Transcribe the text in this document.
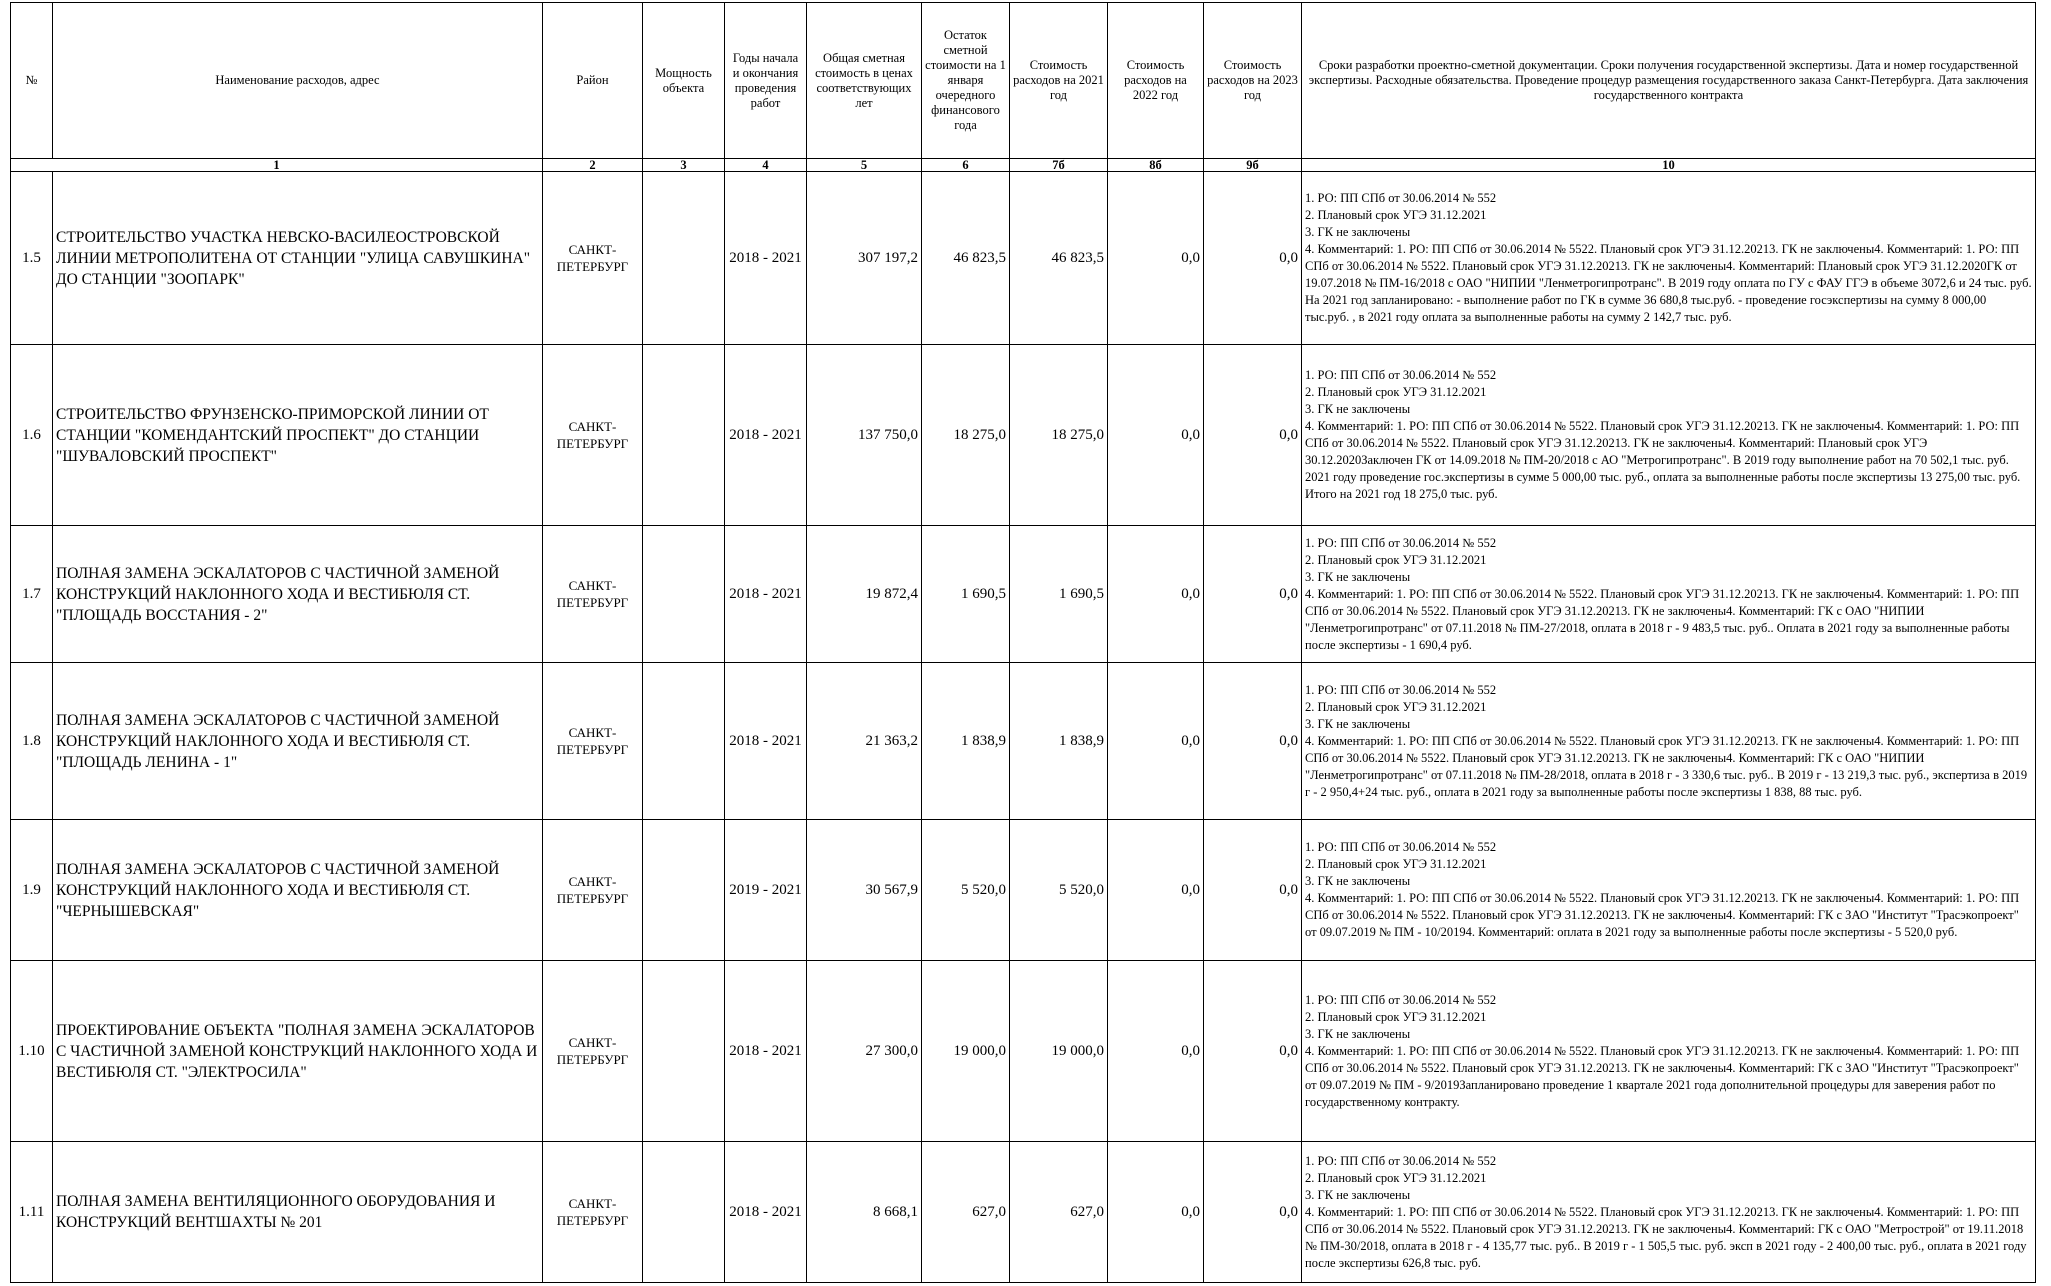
№	Наименование расходов, адрес	Район	Мощность объекта	Годы начала и окончания проведения работ	Общая сметная стоимость в ценах соответствующих лет	Остаток сметной стоимости на 1 января очередного финансового года	Стоимость расходов на 2021 год	Стоимость расходов на 2022 год	Стоимость расходов на 2023 год	Сроки разработки проектно-сметной документации. Сроки получения государственной экспертизы. Дата и номер государственной экспертизы. Расходные обязательства. Проведение процедур размещения государственного заказа Санкт-Петербурга. Дата заключения государственного контракта
1		2	3	4	5	6	7б	8б	9б	10
1.5	СТРОИТЕЛЬСТВО УЧАСТКА НЕВСКО-ВАСИЛЕОСТРОВСКОЙ ЛИНИИ МЕТРОПОЛИТЕНА ОТ СТАНЦИИ "УЛИЦА САВУШКИНА" ДО СТАНЦИИ "ЗООПАРК"	САНКТ-ПЕТЕРБУРГ		2018 - 2021	307 197,2	46 823,5	46 823,5	0,0	0,0	1. РО: ПП СПб от 30.06.2014 № 552
2. Плановый срок УГЭ 31.12.2021
3. ГК не заключены
4. Комментарий: 1. РО: ПП СПб от 30.06.2014 № 552⁠2. Плановый срок УГЭ 31.12.2021⁠3. ГК не заключены⁠4. Комментарий: 1. РО: ПП СПб от 30.06.2014 № 552⁠2. Плановый срок УГЭ 31.12.2021⁠3. ГК не заключены⁠4. Комментарий: Плановый срок УГЭ 31.12.2020⁠⁠ГК от 19.07.2018 № ПМ-16/2018 с ОАО "НИПИИ "Ленметрогипротранс". ⁠⁠В 2019 году оплата по ГУ с ФАУ ГГЭ в объеме 3072,6 и 24 тыс. руб. ⁠⁠На 2021 год запланировано:⁠ - выполнение работ по ГК в сумме 36 680,8 тыс.руб. - проведение госэкспертизы на сумму 8 000,00 тыс.руб. , в 2021 году оплата за выполненные работы на сумму 2 142,7 тыс. руб.
1.6	СТРОИТЕЛЬСТВО ФРУНЗЕНСКО-ПРИМОРСКОЙ ЛИНИИ ОТ СТАНЦИИ "КОМЕНДАНТСКИЙ ПРОСПЕКТ" ДО СТАНЦИИ "ШУВАЛОВСКИЙ ПРОСПЕКТ"	САНКТ-ПЕТЕРБУРГ		2018 - 2021	137 750,0	18 275,0	18 275,0	0,0	0,0	1. РО: ПП СПб от 30.06.2014 № 552
2. Плановый срок УГЭ 31.12.2021
3. ГК не заключены
4. Комментарий: 1. РО: ПП СПб от 30.06.2014 № 552⁠2. Плановый срок УГЭ 31.12.2021⁠3. ГК не заключены⁠4. Комментарий: 1. РО: ПП СПб от 30.06.2014 № 552⁠2. Плановый срок УГЭ 31.12.2021⁠3. ГК не заключены⁠4. Комментарий: Плановый срок УГЭ 30.12.2020⁠⁠Заключен ГК от 14.09.2018 № ПМ-20/2018 с АО "Метрогипротранс". ⁠⁠В 2019 году выполнение работ на 70 502,1 тыс. руб. 2021 году проведение гос.экспертизы в сумме 5 000,00 тыс. руб., оплата за выполненные работы после экспертизы 13 275,00 тыс. руб. ⁠⁠Итого на 2021 год 18 275,0 тыс. руб.
1.7	ПОЛНАЯ ЗАМЕНА ЭСКАЛАТОРОВ С ЧАСТИЧНОЙ ЗАМЕНОЙ КОНСТРУКЦИЙ НАКЛОННОГО ХОДА И ВЕСТИБЮЛЯ СТ. "ПЛОЩАДЬ ВОССТАНИЯ - 2"	САНКТ-ПЕТЕРБУРГ		2018 - 2021	19 872,4	1 690,5	1 690,5	0,0	0,0	1. РО: ПП СПб от 30.06.2014 № 552
2. Плановый срок УГЭ 31.12.2021
3. ГК не заключены
4. Комментарий: 1. РО: ПП СПб от 30.06.2014 № 552⁠2. Плановый срок УГЭ 31.12.2021⁠3. ГК не заключены⁠4. Комментарий: 1. РО: ПП СПб от 30.06.2014 № 552⁠2. Плановый срок УГЭ 31.12.2021⁠3. ГК не заключены⁠4. Комментарий: ГК с ОАО "НИПИИ "Ленметрогипротранс" от 07.11.2018 № ПМ-27/2018, оплата в 2018 г - 9 483,5 тыс. руб.. ⁠⁠Оплата в 2021 году за выполненные работы после экспертизы - 1 690,4 руб.
1.8	ПОЛНАЯ ЗАМЕНА ЭСКАЛАТОРОВ С ЧАСТИЧНОЙ ЗАМЕНОЙ КОНСТРУКЦИЙ НАКЛОННОГО ХОДА И ВЕСТИБЮЛЯ СТ. "ПЛОЩАДЬ ЛЕНИНА - 1"	САНКТ-ПЕТЕРБУРГ		2018 - 2021	21 363,2	1 838,9	1 838,9	0,0	0,0	1. РО: ПП СПб от 30.06.2014 № 552
2. Плановый срок УГЭ 31.12.2021
3. ГК не заключены
4. Комментарий: 1. РО: ПП СПб от 30.06.2014 № 552⁠2. Плановый срок УГЭ 31.12.2021⁠3. ГК не заключены⁠4. Комментарий: 1. РО: ПП СПб от 30.06.2014 № 552⁠2. Плановый срок УГЭ 31.12.2021⁠3. ГК не заключены⁠4. Комментарий: ГК с ОАО "НИПИИ "Ленметрогипротранс" от 07.11.2018 № ПМ-28/2018, оплата в 2018 г - 3 330,6 тыс. руб.. ⁠⁠В 2019 г - 13 219,3 тыс. руб., экспертиза в 2019 г - 2 950,4+24 тыс. руб., оплата в 2021 году за выполненные работы после экспертизы 1 838, 88 тыс. руб.
1.9	ПОЛНАЯ ЗАМЕНА ЭСКАЛАТОРОВ С ЧАСТИЧНОЙ ЗАМЕНОЙ КОНСТРУКЦИЙ НАКЛОННОГО ХОДА И ВЕСТИБЮЛЯ СТ. "ЧЕРНЫШЕВСКАЯ"	САНКТ-ПЕТЕРБУРГ		2019 - 2021	30 567,9	5 520,0	5 520,0	0,0	0,0	1. РО: ПП СПб от 30.06.2014 № 552
2. Плановый срок УГЭ 31.12.2021
3. ГК не заключены
4. Комментарий: 1. РО: ПП СПб от 30.06.2014 № 552⁠2. Плановый срок УГЭ 31.12.2021⁠3. ГК не заключены⁠4. Комментарий: 1. РО: ПП СПб от 30.06.2014 № 552⁠2. Плановый срок УГЭ 31.12.2021⁠3. ГК не заключены⁠4. Комментарий: ГК с ЗАО "Институт "Трасэкопроект" от 09.07.2019 № ПМ - 10/2019⁠4. Комментарий: оплата в 2021 году за выполненные работы после экспертизы - 5 520,0 руб.
1.10	ПРОЕКТИРОВАНИЕ ОБЪЕКТА "ПОЛНАЯ ЗАМЕНА ЭСКАЛАТОРОВ С ЧАСТИЧНОЙ ЗАМЕНОЙ КОНСТРУКЦИЙ НАКЛОННОГО ХОДА И ВЕСТИБЮЛЯ СТ. "ЭЛЕКТРОСИЛА"	САНКТ-ПЕТЕРБУРГ		2018 - 2021	27 300,0	19 000,0	19 000,0	0,0	0,0	1. РО: ПП СПб от 30.06.2014 № 552
2. Плановый срок УГЭ 31.12.2021
3. ГК не заключены
4. Комментарий: 1. РО: ПП СПб от 30.06.2014 № 552⁠2. Плановый срок УГЭ 31.12.2021⁠3. ГК не заключены⁠4. Комментарий: 1. РО: ПП СПб от 30.06.2014 № 552⁠2. Плановый срок УГЭ 31.12.2021⁠3. ГК не заключены⁠4. Комментарий: ГК с ЗАО "Институт "Трасэкопроект" от 09.07.2019 № ПМ - 9/2019⁠⁠Запланировано проведение 1 квартале 2021 года дополнительной процедуры для заверения работ по государственному контракту.
1.11	ПОЛНАЯ ЗАМЕНА ВЕНТИЛЯЦИОННОГО ОБОРУДОВАНИЯ И КОНСТРУКЦИЙ ВЕНТШАХТЫ № 201	САНКТ-ПЕТЕРБУРГ		2018 - 2021	8 668,1	627,0	627,0	0,0	0,0	1. РО: ПП СПб от 30.06.2014 № 552
2. Плановый срок УГЭ 31.12.2021
3. ГК не заключены
4. Комментарий: 1. РО: ПП СПб от 30.06.2014 № 552⁠2. Плановый срок УГЭ 31.12.2021⁠3. ГК не заключены⁠4. Комментарий: 1. РО: ПП СПб от 30.06.2014 № 552⁠2. Плановый срок УГЭ 31.12.2021⁠3. ГК не заключены⁠4. Комментарий: ГК с ОАО "Метрострой" от 19.11.2018 № ПМ-30/2018, оплата в 2018 г - 4 135,77 тыс. руб.. В 2019 г - 1 505,5 тыс. руб. эксп в 2021 году - 2 400,00 тыс. руб., оплата в 2021 году после экспертизы 626,8 тыс. руб.
